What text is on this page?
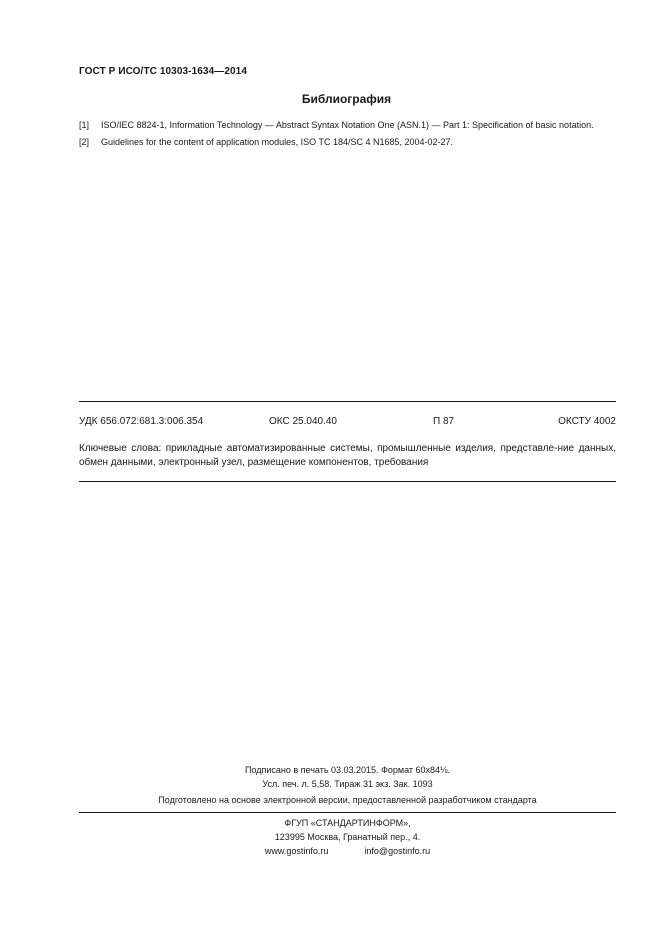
ГОСТ Р ИСО/ТС 10303-1634—2014
Библиография
[1]	ISO/IEC 8824-1, Information Technology — Abstract Syntax Notation One (ASN.1) — Part 1: Specification of basic notation.
[2]	Guidelines for the content of application modules, ISO TC 184/SC 4 N1685, 2004-02-27.
УДК 656.072:681.3:006.354	ОКС 25.040.40	П 87	ОКСТУ 4002
Ключевые слова: прикладные автоматизированные системы, промышленные изделия, представле-ние данных, обмен данными, электронный узел, размещение компонентов, требования
Подписано в печать 03.03.2015. Формат 60х84⅛.
Усл. печ. л. 5,58. Тираж 31 экз. Зак. 1093
Подготовлено на основе электронной версии, предоставленной разработчиком стандарта
ФГУП «СТАНДАРТИНФОРМ»,
123995 Москва, Гранатный пер., 4.
www.gostinfo.ru	info@gostinfo.ru
